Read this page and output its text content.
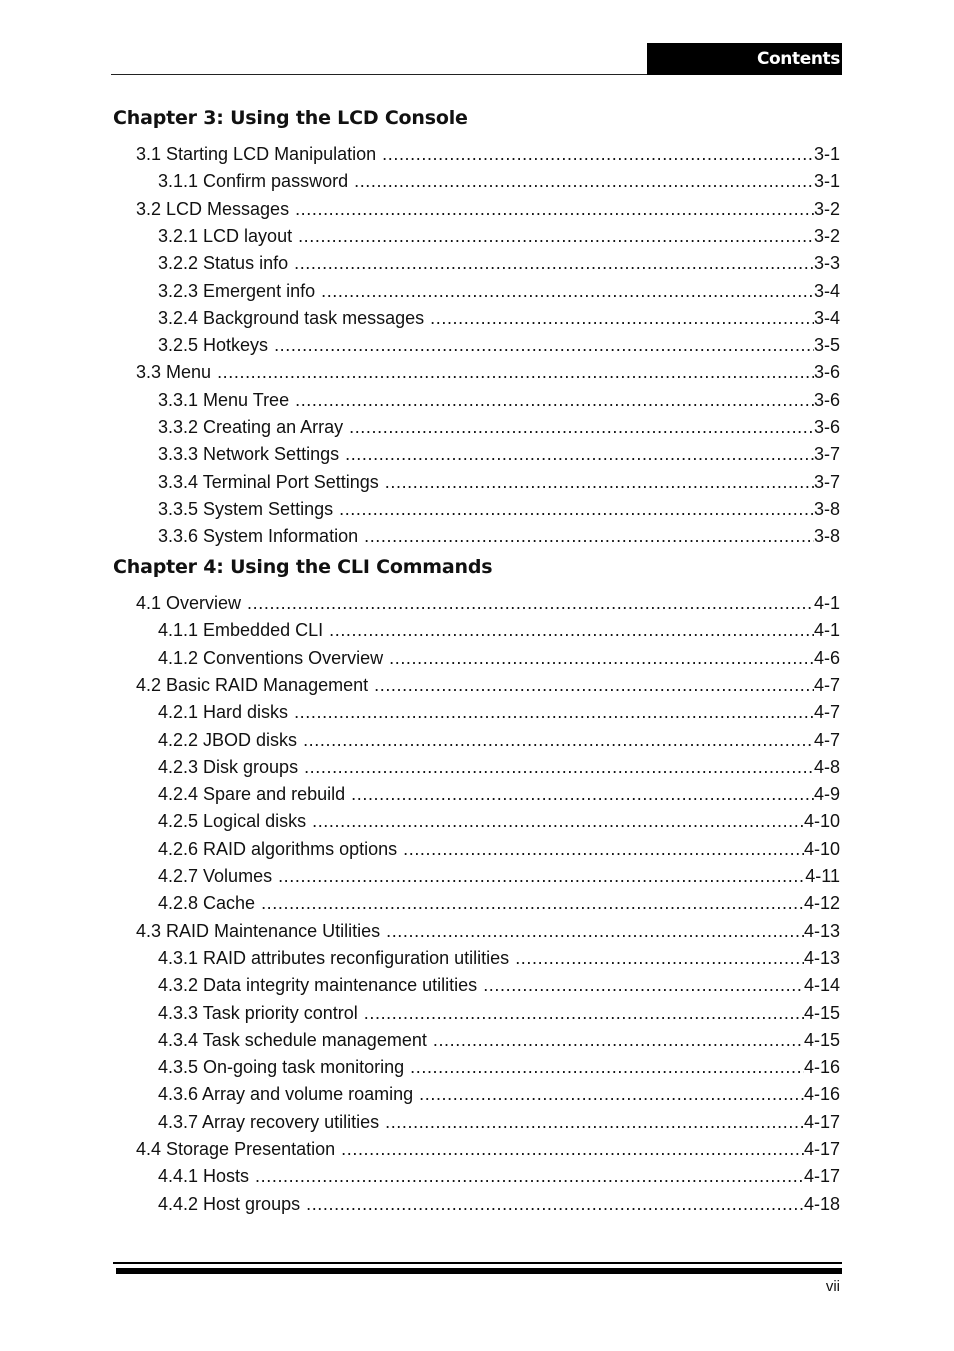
Contents
Chapter 3: Using the LCD Console
3.1 Starting LCD Manipulation .....	3-1
3.1.1 Confirm password .....	3-1
3.2 LCD Messages .....	3-2
3.2.1 LCD layout .....	3-2
3.2.2 Status info .....	3-3
3.2.3 Emergent info .....	3-4
3.2.4 Background task messages .....	3-4
3.2.5 Hotkeys .....	3-5
3.3 Menu .....	3-6
3.3.1 Menu Tree .....	3-6
3.3.2 Creating an Array .....	3-6
3.3.3 Network Settings .....	3-7
3.3.4 Terminal Port Settings .....	3-7
3.3.5 System Settings .....	3-8
3.3.6 System Information .....	3-8
Chapter 4: Using the CLI Commands
4.1 Overview .....	4-1
4.1.1 Embedded CLI .....	4-1
4.1.2 Conventions Overview .....	4-6
4.2 Basic RAID Management .....	4-7
4.2.1 Hard disks .....	4-7
4.2.2 JBOD disks .....	4-7
4.2.3 Disk groups .....	4-8
4.2.4 Spare and rebuild .....	4-9
4.2.5 Logical disks .....	4-10
4.2.6 RAID algorithms options .....	4-10
4.2.7 Volumes .....	4-11
4.2.8 Cache .....	4-12
4.3 RAID Maintenance Utilities .....	4-13
4.3.1 RAID attributes reconfiguration utilities .....	4-13
4.3.2 Data integrity maintenance utilities .....	4-14
4.3.3 Task priority control .....	4-15
4.3.4 Task schedule management .....	4-15
4.3.5 On-going task monitoring .....	4-16
4.3.6 Array and volume roaming .....	4-16
4.3.7 Array recovery utilities .....	4-17
4.4 Storage Presentation .....	4-17
4.4.1 Hosts .....	4-17
4.4.2 Host groups .....	4-18
vii
